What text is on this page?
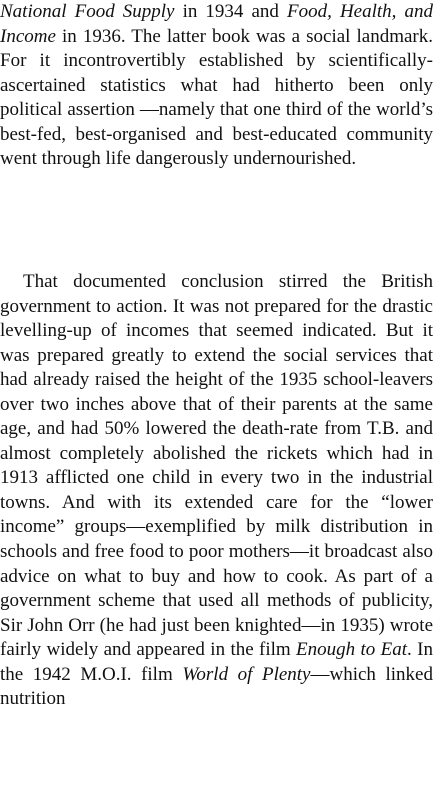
National Food Supply in 1934 and Food, Health, and Income in 1936. The latter book was a social landmark. For it incontrovertibly established by scientifically-ascertained statistics what had hitherto been only political assertion —namely that one third of the world’s best-fed, best-organised and best-educated community went through life dangerously undernourished.

That documented conclusion stirred the British government to action. It was not prepared for the drastic levelling-up of incomes that seemed indicated. But it was prepared greatly to extend the social services that had already raised the height of the 1935 school-leavers over two inches above that of their parents at the same age, and had 50% lowered the death-rate from T.B. and almost completely abolished the rickets which had in 1913 afflicted one child in every two in the industrial towns. And with its extended care for the “lower income” groups—exemplified by milk distribution in schools and free food to poor mothers—it broadcast also advice on what to buy and how to cook. As part of a government scheme that used all methods of publicity, Sir John Orr (he had just been knighted—in 1935) wrote fairly widely and appeared in the film Enough to Eat. In the 1942 M.O.I. film World of Plenty—which linked nutrition
